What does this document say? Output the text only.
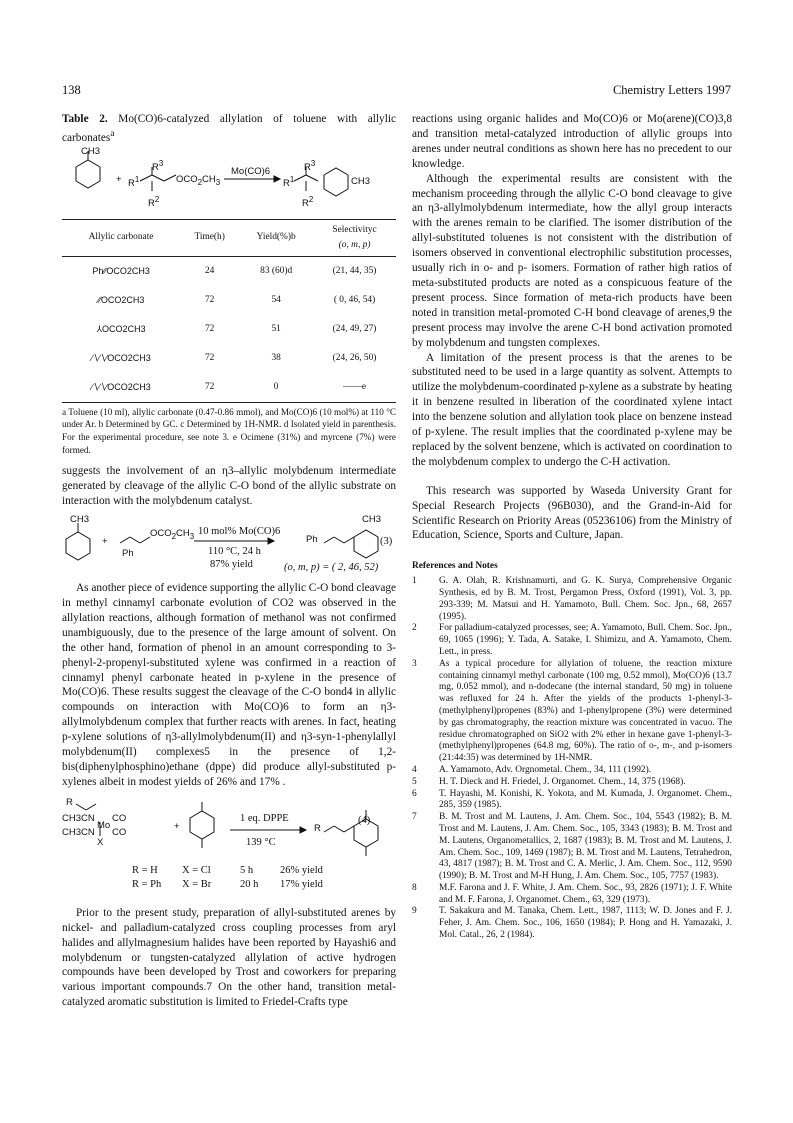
138	Chemistry Letters 1997
Table 2. Mo(CO)6-catalyzed allylation of toluene with allylic carbonates$^a$
CH3
+ $R^1$
$R^3$
$OCO_2CH_3$
$R^2$
Mo(CO)6
$R^1$
$R^3$
$R^2$
CH3
Allylic carbonate	Time(h)	Yield(%)b	Selectivityc
(o, m, p)
Ph∕∕OCO2CH3	24	83 (60)d	(21, 44, 35)
∕∕OCO2CH3	72	54	( 0, 46, 54)
⅄OCO2CH3	72	51	(24, 49, 27)
∕∖∕∖∕OCO2CH3	72	38	(24, 26, 50)
∕∖∕∖∕OCO2CH3	72	0	——e
a Toluene (10 ml), allylic carbonate (0.47-0.86 mmol), and Mo(CO)6 (10 mol%) at 110 °C under Ar. b Determined by GC. c Determined by 1H-NMR. d Isolated yield in parenthesis. For the experimental procedure, see note 3. e Ocimene (31%) and myrcene (7%) were formed.

suggests the involvement of an η3–allylic molybdenum intermediate generated by cleavage of the allylic C-O bond of the allylic substrate on interaction with the molybdenum catalyst.

CH3
+
Ph
$OCO_2CH_3$ 10 mol% Mo(CO)6
110 °C, 24 h
87% yield
Ph
CH3
(3)
(o, m, p) = ( 2, 46, 52)

As another piece of evidence supporting the allylic C-O bond cleavage in methyl cinnamyl carbonate evolution of CO2 was observed in the allylation reactions, although formation of methanol was not confirmed unambiguously, due to the presence of the large amount of solvent. On the other hand, formation of phenol in an amount corresponding to 3-phenyl-2-propenyl-substituted xylene was confirmed in a reaction of cinnamyl phenyl carbonate heated in p-xylene in the presence of Mo(CO)6. These results suggest the cleavage of the C-O bond4 in allylic compounds on interaction with Mo(CO)6 to form an η3-allylmolybdenum complex that further reacts with arenes. In fact, heating p-xylene solutions of η3-allylmolybdenum(II) and η3-syn-1-phenylallyl molybdenum(II) complexes5 in the presence of 1,2-bis(diphenylphosphino)ethane (dppe) did produce allyl-substituted p-xylenes albeit in modest yields of 26% and 17% .

R
CH3CN
CH3CN
Mo
CO
CO
X
+
1 eq. DPPE
139 °C
R
(4)
R = H X = Cl	5 h	26% yield
R = Ph X = Br	20 h 17% yield

Prior to the present study, preparation of allyl-substituted arenes by nickel- and palladium-catalyzed cross coupling processes from aryl halides and allylmagnesium halides have been reported by Hayashi6 and molybdenum or tungsten-catalyzed allylation of active hydrogen compounds have been developed by Trost and coworkers for preparing various important compounds.7 On the other hand, transition metal-catalyzed aromatic substitution is limited to Friedel-Crafts type

reactions using organic halides and Mo(CO)6 or Mo(arene)(CO)3,8 and transition metal-catalyzed introduction of allylic groups into arenes under neutral conditions as shown here has no precedent to our knowledge.

Although the experimental results are consistent with the mechanism proceeding through the allylic C-O bond cleavage to give an η3-allylmolybdenum intermediate, how the allyl group interacts with the arenes remain to be clarified. The isomer distribution of the allyl-substituted toluenes is not consistent with the distribution of isomers observed in conventional electrophilic substitution processes, usually rich in o- and p- isomers. Formation of rather high ratios of meta-substituted products are noted as a conspicuous feature of the present process. Since formation of meta-rich products have been noted in transition metal-promoted C-H bond cleavage of arenes,9 the present process may involve the arene C-H bond activation promoted by molybdenum and tungsten complexes.

A limitation of the present process is that the arenes to be substituted need to be used in a large quantity as solvent. Attempts to utilize the molybdenum-coordinated p-xylene as a substrate by heating it in benzene resulted in liberation of the coordinated xylene intact into the benzene solution and allylation took place on benzene instead of p-xylene. The result implies that the coordinated p-xylene may be replaced by the solvent benzene, which is activated on coordination to the molybdenum complex to undergo the C-H activation.

This research was supported by Waseda University Grant for Special Research Projects (96B030), and the Grand-in-Aid for Scientific Research on Priority Areas (05236106) from the Ministry of Education, Science, Sports and Culture, Japan.

References and Notes
1	G. A. Olah, R. Krishnamurti, and G. K. Surya, Comprehensive Organic Synthesis, ed by B. M. Trost, Pergamon Press, Oxford (1991), Vol. 3, pp. 293-339; M. Matsui and H. Yamamoto, Bull. Chem. Soc. Jpn., 68, 2657 (1995).
2	For palladium-catalyzed processes, see; A. Yamamoto, Bull. Chem. Soc. Jpn., 69, 1065 (1996); Y. Tada, A. Satake, I. Shimizu, and A. Yamamoto, Chem. Lett., in press.
3	As a typical procedure for allylation of toluene, the reaction mixture containing cinnamyl methyl carbonate (100 mg, 0.52 mmol), Mo(CO)6 (13.7 mg, 0.052 mmol), and n-dodecane (the internal standard, 50 mg) in toluene was refluxed for 24 h. After the yields of the products 1-phenyl-3-(methylphenyl)propenes (83%) and 1-phenylpropene (3%) were determined by gas chromatography, the reaction mixture was concentrated in vacuo. The residue chromatographed on SiO2 with 2% ether in hexane gave 1-phenyl-3-(methylphenyl)propenes (64.8 mg, 60%). The ratio of o-, m-, and p-isomers (21:44:35) was determined by 1H-NMR.
4	A. Yamamoto, Adv. Orgnometal. Chem., 34, 111 (1992).
5	H. T. Dieck and H. Friedel, J. Organomet. Chem., 14, 375 (1968).
6	T. Hayashi, M. Konishi, K. Yokota, and M. Kumada, J. Organomet. Chem., 285, 359 (1985).
7	B. M. Trost and M. Lautens, J. Am. Chem. Soc., 104, 5543 (1982); B. M. Trost and M. Lautens, J. Am. Chem. Soc., 105, 3343 (1983); B. M. Trost and M. Lautens, Organometallics, 2, 1687 (1983); B. M. Trost and M. Lautens, J. Am. Chem. Soc., 109, 1469 (1987); B. M. Trost and M. Lautens, Tetrahedron, 43, 4817 (1987); B. M. Trost and C. A. Merlic, J. Am. Chem. Soc., 112, 9590 (1990); B. M. Trost and M-H Hung, J. Am. Chem. Soc., 105, 7757 (1983).
8	M.F. Farona and J. F. White, J. Am. Chem. Soc., 93, 2826 (1971); J. F. White and M. F. Farona, J. Organomet. Chem., 63, 329 (1973).
9	T. Sakakura and M. Tanaka, Chem. Lett., 1987, 1113; W. D. Jones and F. J. Feher, J. Am. Chem. Soc., 106, 1650 (1984); P. Hong and H. Yamazaki, J. Mol. Catal., 26, 2 (1984).
